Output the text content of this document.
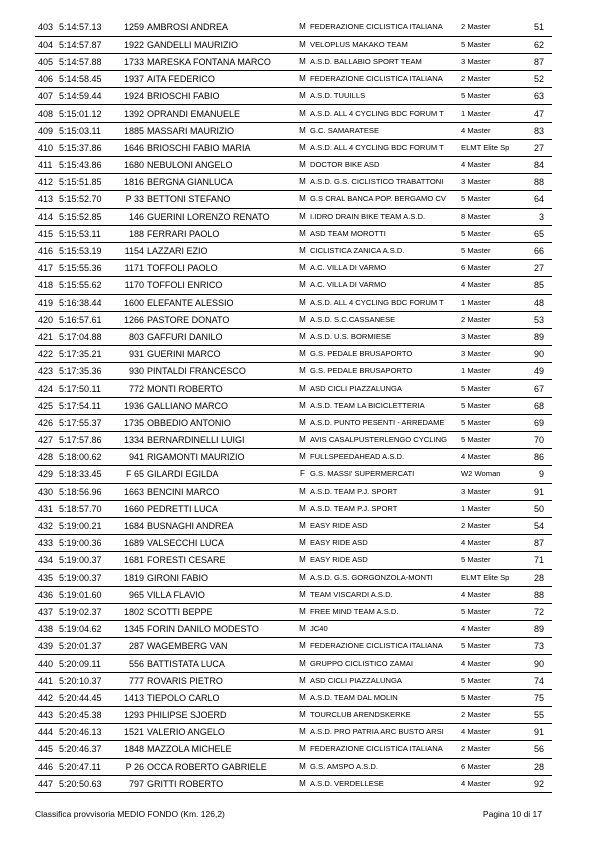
403	5:14:57.13	1259	AMBROSI ANDREA	M	FEDERAZIONE CICLISTICA ITALIANA	2 Master	51
404	5:14:57.87	1922	GANDELLI MAURIZIO	M	VELOPLUS MAKAKO TEAM	5 Master	62
405	5:14:57.88	1733	MARESKA FONTANA MARCO	M	A.S.D. BALLABIO SPORT TEAM	3 Master	87
406	5:14:58.45	1937	AITA FEDERICO	M	FEDERAZIONE CICLISTICA ITALIANA	2 Master	52
407	5:14:59.44	1924	BRIOSCHI FABIO	M	A.S.D. TUUILLS	5 Master	63
408	5:15:01.12	1392	OPRANDI EMANUELE	M	A.S.D. ALL 4 CYCLING BDC FORUM T	1 Master	47
409	5:15:03.11	1885	MASSARI MAURIZIO	M	G.C. SAMARATESE	4 Master	83
410	5:15:37.86	1646	BRIOSCHI FABIO MARIA	M	A.S.D. ALL 4 CYCLING BDC FORUM T	ELMT Elite Sp	27
411	5:15:43.86	1680	NEBULONI ANGELO	M	DOCTOR BIKE ASD	4 Master	84
412	5:15:51.85	1816	BERGNA GIANLUCA	M	A.S.D. G.S. CICLISTICO TRABATTONI	3 Master	88
413	5:15:52.70	P 33	BETTONI STEFANO	M	G.S CRAL BANCA POP. BERGAMO CV	5 Master	64
414	5:15:52.85	146	GUERINI LORENZO RENATO	M	I.IDRO DRAIN BIKE TEAM A.S.D.	8 Master	3
415	5:15:53.11	188	FERRARI PAOLO	M	ASD TEAM MOROTTI	5 Master	65
416	5:15:53.19	1154	LAZZARI EZIO	M	CICLISTICA ZANICA A.S.D.	5 Master	66
417	5:15:55.36	1171	TOFFOLI PAOLO	M	A.C. VILLA DI VARMO	6 Master	27
418	5:15:55.62	1170	TOFFOLI ENRICO	M	A.C. VILLA DI VARMO	4 Master	85
419	5:16:38.44	1600	ELEFANTE ALESSIO	M	A.S.D. ALL 4 CYCLING BDC FORUM T	1 Master	48
420	5:16:57.61	1266	PASTORE DONATO	M	A.S.D. S.C.CASSANESE	2 Master	53
421	5:17:04.88	803	GAFFURI DANILO	M	A.S.D. U.S. BORMIESE	3 Master	89
422	5:17:35.21	931	GUERINI MARCO	M	G.S. PEDALE BRUSAPORTO	3 Master	90
423	5:17:35.36	930	PINTALDI FRANCESCO	M	G.S. PEDALE BRUSAPORTO	1 Master	49
424	5:17:50.11	772	MONTI ROBERTO	M	ASD CICLI PIAZZALUNGA	5 Master	67
425	5:17:54.11	1936	GALLIANO MARCO	M	A.S.D. TEAM LA BICICLETTERIA	5 Master	68
426	5:17:55.37	1735	OBBEDIO ANTONIO	M	A.S.D. PUNTO PESENTI - ARREDAME	5 Master	69
427	5:17:57.86	1334	BERNARDINELLI LUIGI	M	AVIS CASALPUSTERLENGO CYCLING	5 Master	70
428	5:18:00.62	941	RIGAMONTI MAURIZIO	M	FULLSPEEDAHEAD A.S.D.	4 Master	86
429	5:18:33.45	F 65	GILARDI EGILDA	F	G.S. MASSI' SUPERMERCATI	W2 Woman	9
430	5:18:56.96	1663	BENCINI MARCO	M	A.S.D. TEAM P.J. SPORT	3 Master	91
431	5:18:57.70	1660	PEDRETTI LUCA	M	A.S.D. TEAM P.J. SPORT	1 Master	50
432	5:19:00.21	1684	BUSNAGHI ANDREA	M	EASY RIDE ASD	2 Master	54
433	5:19:00.36	1689	VALSECCHI LUCA	M	EASY RIDE ASD	4 Master	87
434	5:19:00.37	1681	FORESTI CESARE	M	EASY RIDE ASD	5 Master	71
435	5:19:00.37	1819	GIRONI FABIO	M	A.S.D. G.S. GORGONZOLA-MONTI	ELMT Elite Sp	28
436	5:19:01.60	965	VILLA FLAVIO	M	TEAM VISCARDI A.S.D.	4 Master	88
437	5:19:02.37	1802	SCOTTI BEPPE	M	FREE MIND TEAM A.S.D.	5 Master	72
438	5:19:04.62	1345	FORIN DANILO MODESTO	M	JC40	4 Master	89
439	5:20:01.37	287	WAGEMBERG VAN	M	FEDERAZIONE CICLISTICA ITALIANA	5 Master	73
440	5:20:09.11	556	BATTISTATA LUCA	M	GRUPPO CICLISTICO ZAMAI	4 Master	90
441	5:20:10.37	777	ROVARIS PIETRO	M	ASD CICLI PIAZZALUNGA	5 Master	74
442	5:20:44.45	1413	TIEPOLO CARLO	M	A.S.D. TEAM DAL MOLIN	5 Master	75
443	5:20:45.38	1293	PHILIPSE SJOERD	M	TOURCLUB ARENDSKERKE	2 Master	55
444	5:20:46.13	1521	VALERIO ANGELO	M	A.S.D. PRO PATRIA ARC BUSTO ARSI	4 Master	91
445	5:20:46.37	1848	MAZZOLA MICHELE	M	FEDERAZIONE CICLISTICA ITALIANA	2 Master	56
446	5:20:47.11	P 26	OCCA ROBERTO GABRIELE	M	G.S. AMSPO A.S.D.	6 Master	28
447	5:20:50.63	797	GRITTI ROBERTO	M	A.S.D. VERDELLESE	4 Master	92
Classifica provvisoria MEDIO FONDO (Km. 126,2)	Pagina 10 di 17
